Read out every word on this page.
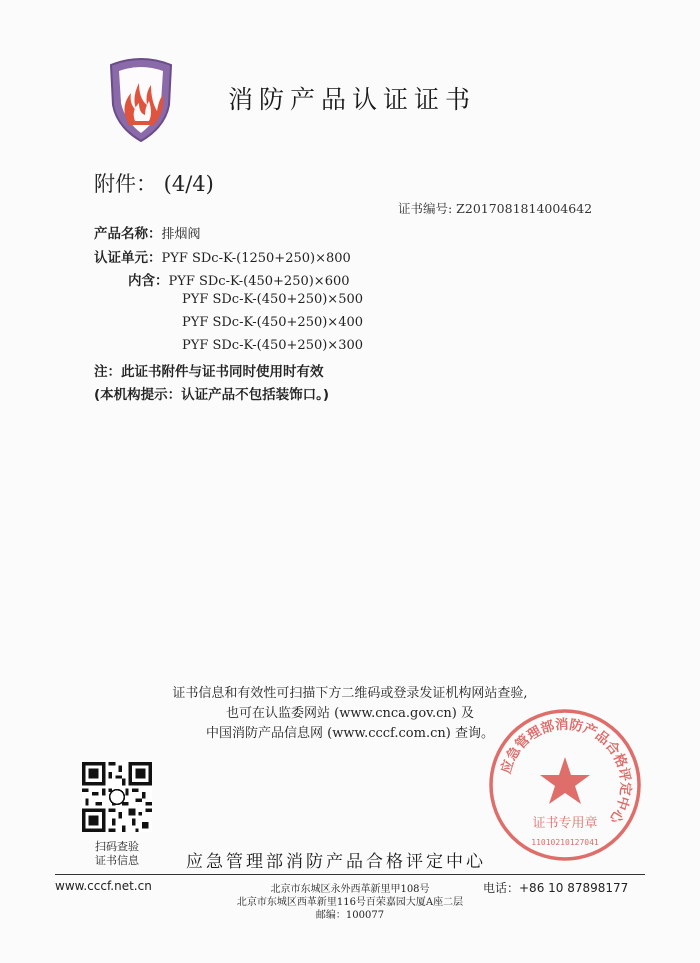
消防产品认证证书
附件： (4/4)
证书编号: Z2017081814004642
产品名称：排烟阀
认证单元：PYF SDc-K-(1250+250)×800
内含：PYF SDc-K-(450+250)×600
PYF SDc-K-(450+250)×500
PYF SDc-K-(450+250)×400
PYF SDc-K-(450+250)×300
注：此证书附件与证书同时使用时有效
(本机构提示：认证产品不包括装饰口。)
证书信息和有效性可扫描下方二维码或登录发证机构网站查验,
也可在认监委网站 (www.cnca.gov.cn) 及
中国消防产品信息网 (www.cccf.com.cn) 查询。
扫码查验
证书信息	应急管理部消防产品合格评定中心
应急管理部消防产品合格评定中心
证书专用章
11010210127041
www.cccf.net.cn	北京市东城区永外西革新里甲108号
北京市东城区西革新里116号百荣嘉园大厦A座二层
邮编：100077
电话：+86 10 87898177
